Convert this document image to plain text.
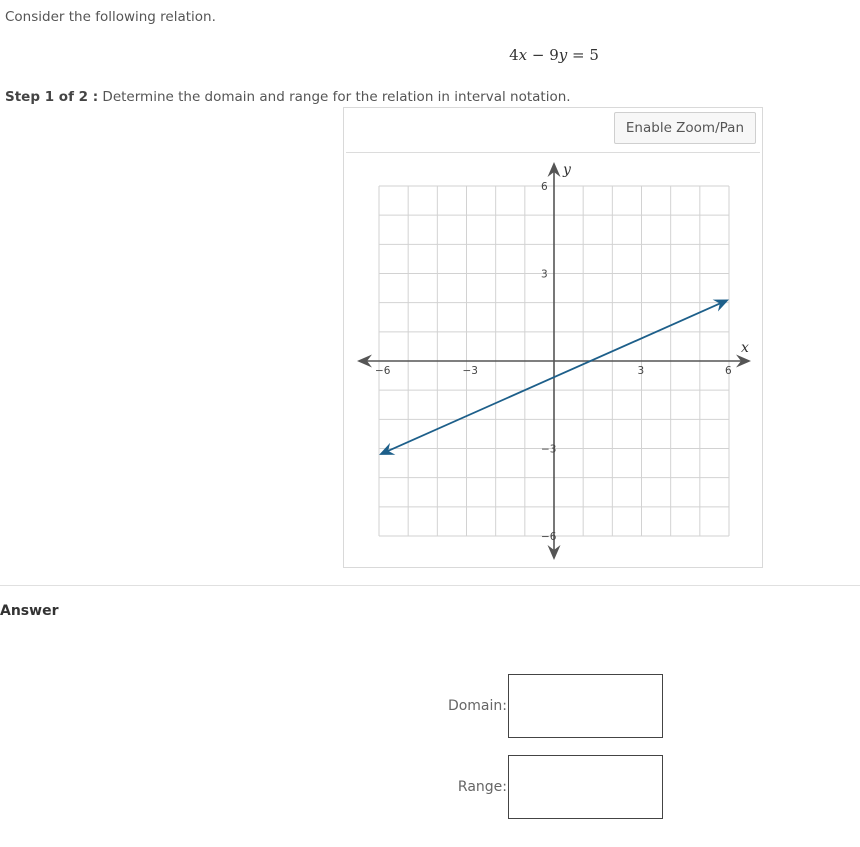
Consider the following relation.
4x − 9y = 5
Step 1 of 2 : Determine the domain and range for the relation in interval notation.
Enable Zoom/Pan
x
y
−6	−3	3	6
−6
−3
3
6
Answer
Domain:
Range:
